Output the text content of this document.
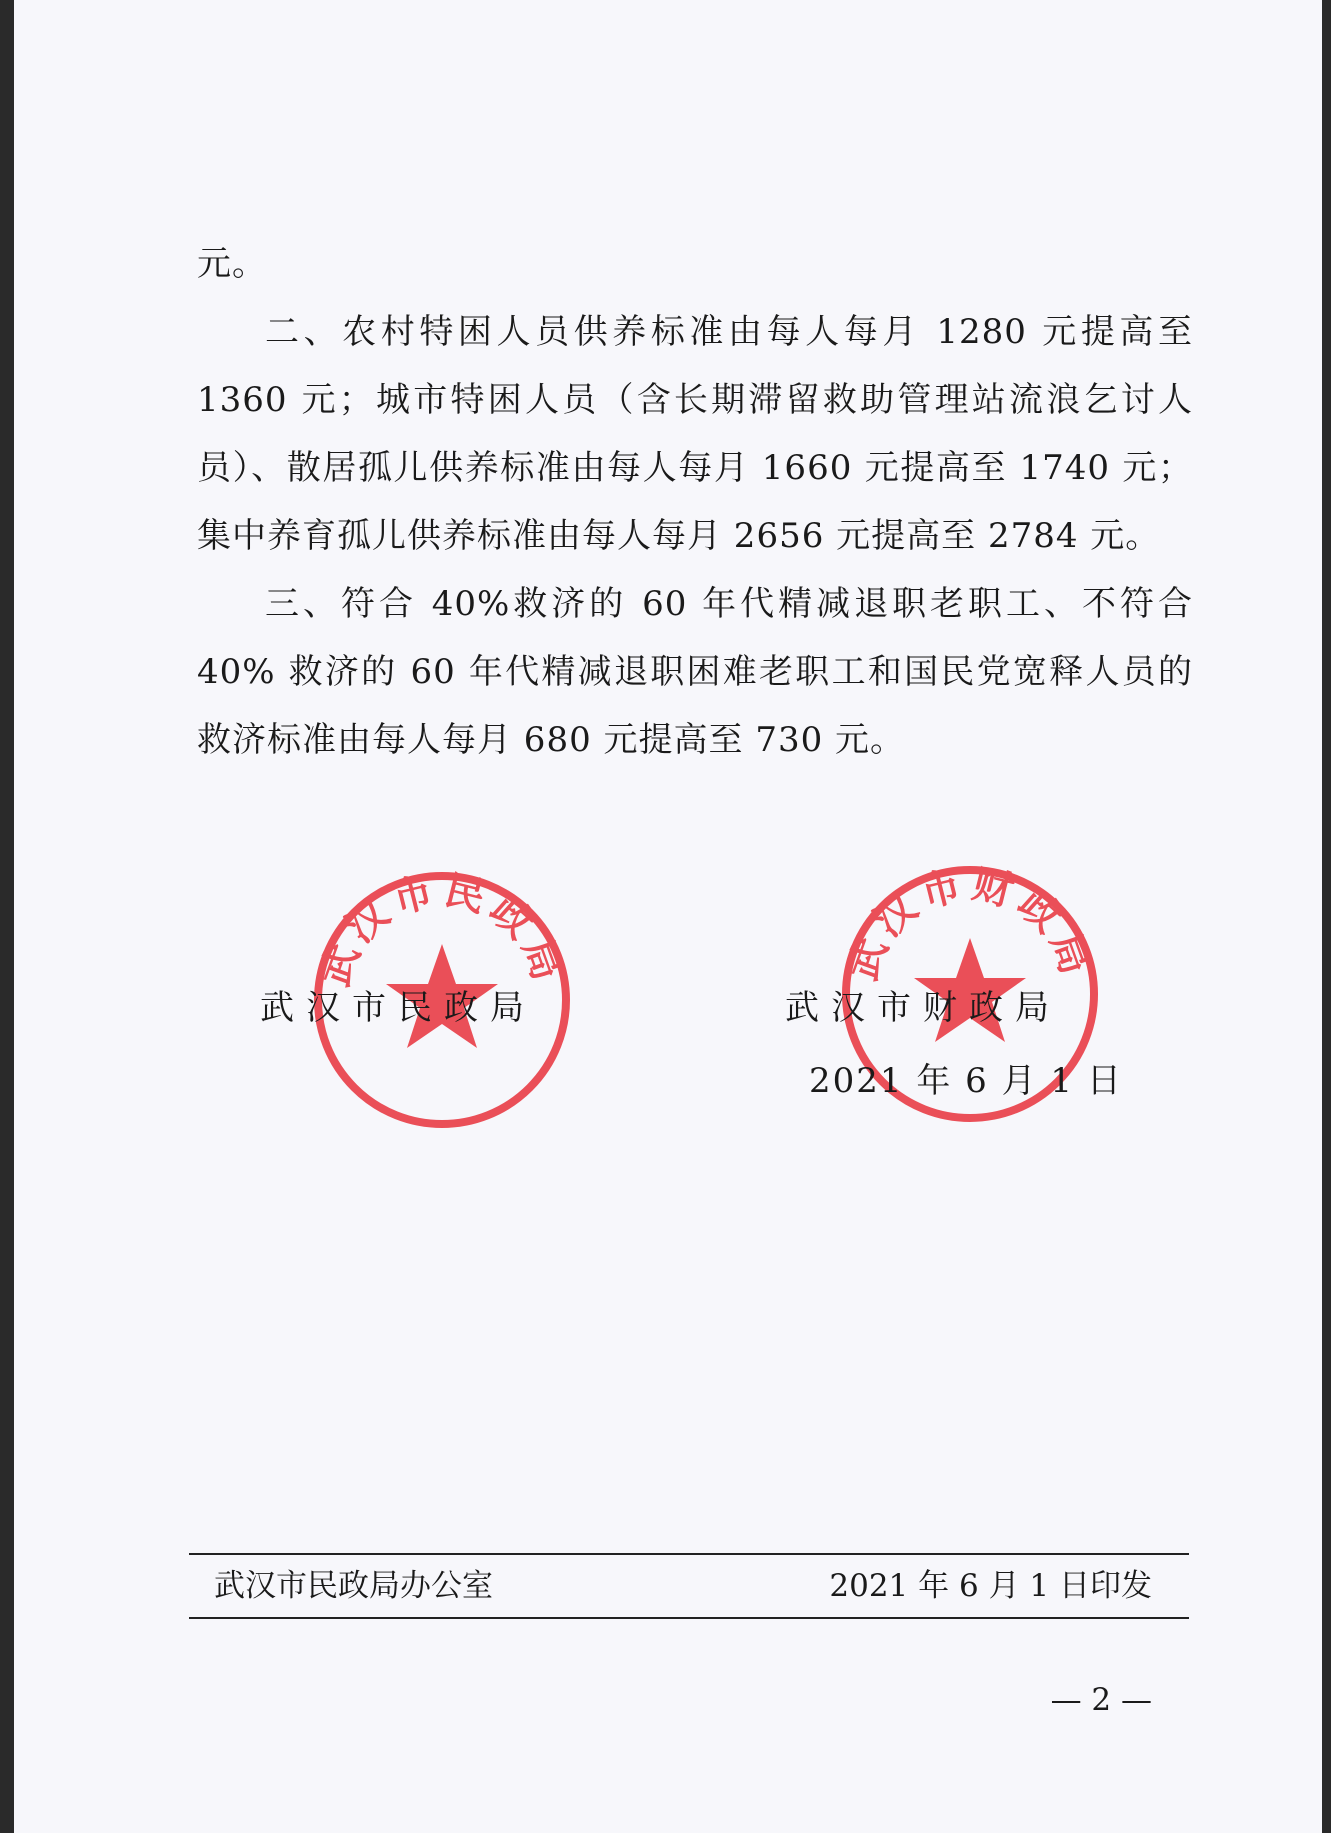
元。
二、农村特困人员供养标准由每人每月 1280 元提高至 1360 元；城市特困人员（含长期滞留救助管理站流浪乞讨人员）、散居孤儿供养标准由每人每月 1660 元提高至 1740 元；集中养育孤儿供养标准由每人每月 2656 元提高至 2784 元。
三、符合 40%救济的 60 年代精减退职老职工、不符合 40% 救济的 60 年代精减退职困难老职工和国民党宽释人员的救济标准由每人每月 680 元提高至 730 元。
武汉市民政局	武汉市财政局
武汉市民政局	武汉市财政局
2021 年 6 月 1 日
武汉市民政局办公室	2021 年 6 月 1 日印发
— 2 —
